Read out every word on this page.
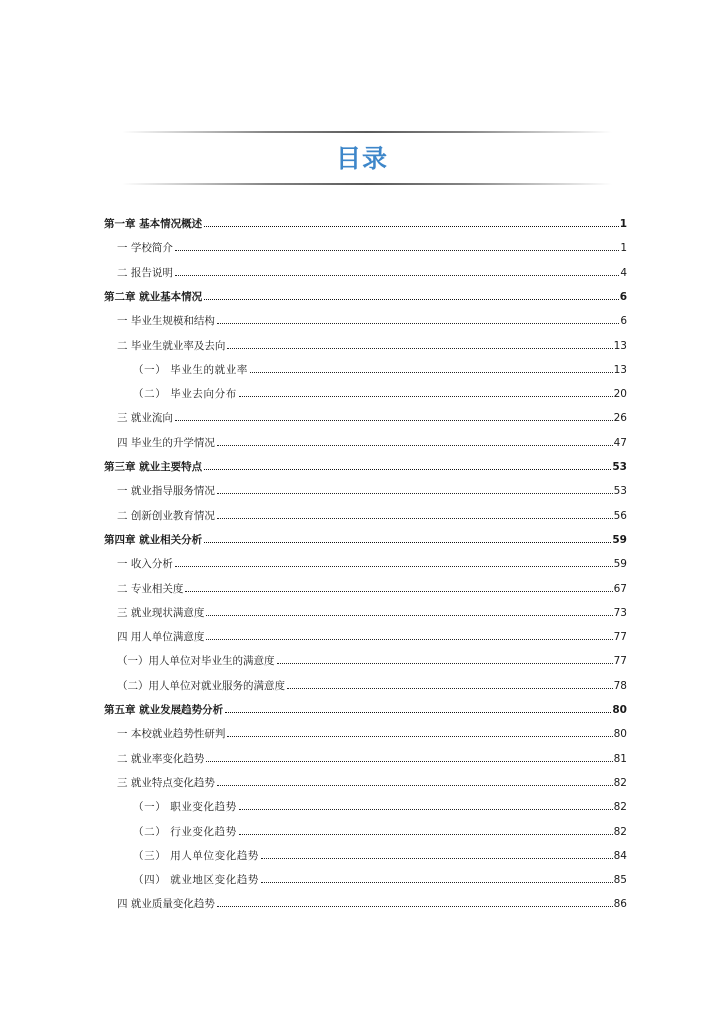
目录
第一章 基本情况概述	1
一 学校简介	1
二 报告说明	4
第二章 就业基本情况	6
一 毕业生规模和结构	6
二 毕业生就业率及去向	13
（一） 毕业生的就业率	13
（二） 毕业去向分布	20
三 就业流向	26
四 毕业生的升学情况	47
第三章 就业主要特点	53
一 就业指导服务情况	53
二 创新创业教育情况	56
第四章 就业相关分析	59
一 收入分析	59
二 专业相关度	67
三 就业现状满意度	73
四 用人单位满意度	77
（一）用人单位对毕业生的满意度	77
（二）用人单位对就业服务的满意度	78
第五章 就业发展趋势分析	80
一 本校就业趋势性研判	80
二 就业率变化趋势	81
三 就业特点变化趋势	82
（一） 职业变化趋势	82
（二） 行业变化趋势	82
（三） 用人单位变化趋势	84
（四） 就业地区变化趋势	85
四 就业质量变化趋势	86
